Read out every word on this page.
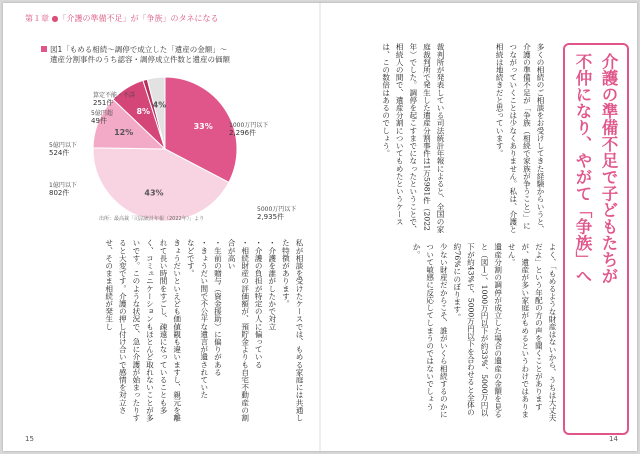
第１章 ●「介護の準備不足」が「争族」のタネになる
図1「もめる相続～調停で成立した「遺産の金額」～
遺産分割事件のうち認容・調停成立件数と遺産の価額
33%	1000万円以下
2,296件
43%
5000万円以下
2,935件
12%
1億円以下
802件
8%
5億円以下
524件
5億円超
49件
4%
算定不能・不詳
251件
出所：最高裁「司法統計年報（2022年）」より
私が相談を受けたケースでは、もめる家庭には共通した特徴があります。
・介護を誰がしたかで対立
・介護の負担が特定の人に偏っている
・相続財産の評価額が、預貯金よりも自宅不動産の割合が高い
・生前の贈与（資金援助）に偏りがある
・きょうだい間で不公平な遺言が遺されていた
などです。
きょうだいといえども価値観も違いますし、親元を離れて長い時間をすごし、疎遠になっていることも多く、コミュニケーションもほとんど取れないことが多いです。このような状況で、急に介護が始まったりすると大変です。介護の押し付け合いで感情を対立させ、そのまま相続が発生し
多くの相続のご相談をお受けしてきた経験からいうと、介護の準備不足が「争族（相続で家族が争うこと）」につながっていくことは少なくありません。私は、介護と相続は地続きだと思っています。
裁判所が発表している司法統計年報によると、全国の家庭裁判所で発生した遺産分割事件は1万5981件（2022年）でした。調停を起こすまでになったということで、相続人の間で、遺産分割についてもめたというケースは、この数倍はあるのでしょう。
よく、「もめるような財産はないから、うちは大丈夫だよ」という年配の方の声を聞くことがありますが、遺産が多い家庭がもめるというわけではありません。
遺産分割の調停が成立した場合の遺産の金額を見ると（図１）、1000万円以下が約33%、5000万円以下が約43%で、5000万円以下を合わせると全体の約76%にのぼります。
少ない財産だからこそ、誰がいくら相続するのかについて敏感に反応してしまうのではないでしょうか。	介護の準備不足で子どもたちが
不仲になり、やがて「争族」へ
15	14
